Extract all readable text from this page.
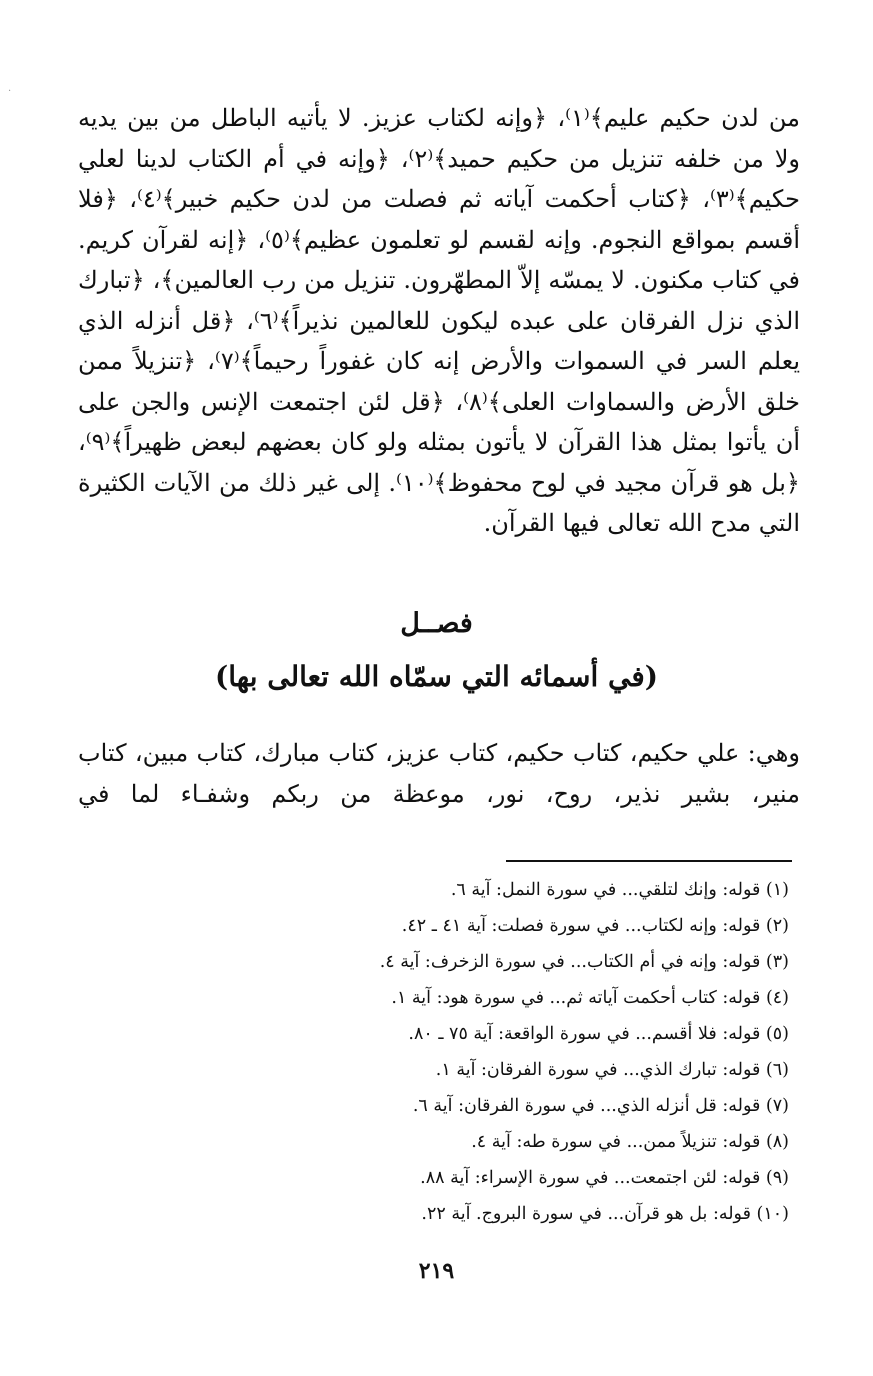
·

من لدن حكيم عليم﴾⁽١⁾، ﴿وإنه لكتاب عزيز. لا يأتيه الباطل من بين يديه ولا من خلفه تنزيل من حكيم حميد﴾⁽٢⁾، ﴿وإنه في أم الكتاب لدينا لعلي حكيم﴾⁽٣⁾، ﴿كتاب أحكمت آياته ثم فصلت من لدن حكيم خبير﴾⁽٤⁾، ﴿فلا أقسم بمواقع النجوم. وإنه لقسم لو تعلمون عظيم﴾⁽٥⁾، ﴿إنه لقرآن كريم. في كتاب مكنون. لا يمسّه إلاّ المطهّرون. تنزيل من رب العالمين﴾، ﴿تبارك الذي نزل الفرقان على عبده ليكون للعالمين نذيراً﴾⁽٦⁾، ﴿قل أنزله الذي يعلم السر في السموات والأرض إنه كان غفوراً رحيماً﴾⁽٧⁾، ﴿تنزيلاً ممن خلق الأرض والسماوات العلى﴾⁽٨⁾، ﴿قل لئن اجتمعت الإنس والجن على أن يأتوا بمثل هذا القرآن لا يأتون بمثله ولو كان بعضهم لبعض ظهيراً﴾⁽٩⁾، ﴿بل هو قرآن مجيد في لوح محفوظ﴾⁽١٠⁾. إلى غير ذلك من الآيات الكثيرة التي مدح الله تعالى فيها القرآن.

فصــل
(في أسمائه التي سمّاه الله تعالى بها)

وهي: علي حكيم، كتاب حكيم، كتاب عزيز، كتاب مبارك، كتاب مبين، كتاب منير، بشير نذير، روح، نور، موعظة من ربكم وشفـاء لما في

(١) قوله: وإنك لتلقي... في سورة النمل: آية ٦.
(٢) قوله: وإنه لكتاب... في سورة فصلت: آية ٤١ ـ ٤٢.
(٣) قوله: وإنه في أم الكتاب... في سورة الزخرف: آية ٤.
(٤) قوله: كتاب أحكمت آياته ثم... في سورة هود: آية ١.
(٥) قوله: فلا أقسم... في سورة الواقعة: آية ٧٥ ـ ٨٠.
(٦) قوله: تبارك الذي... في سورة الفرقان: آية ١.
(٧) قوله: قل أنزله الذي... في سورة الفرقان: آية ٦.
(٨) قوله: تنزيلاً ممن... في سورة طه: آية ٤.
(٩) قوله: لئن اجتمعت... في سورة الإسراء: آية ٨٨.
(١٠) قوله: بل هو قرآن... في سورة البروج. آية ٢٢.
٢١٩
